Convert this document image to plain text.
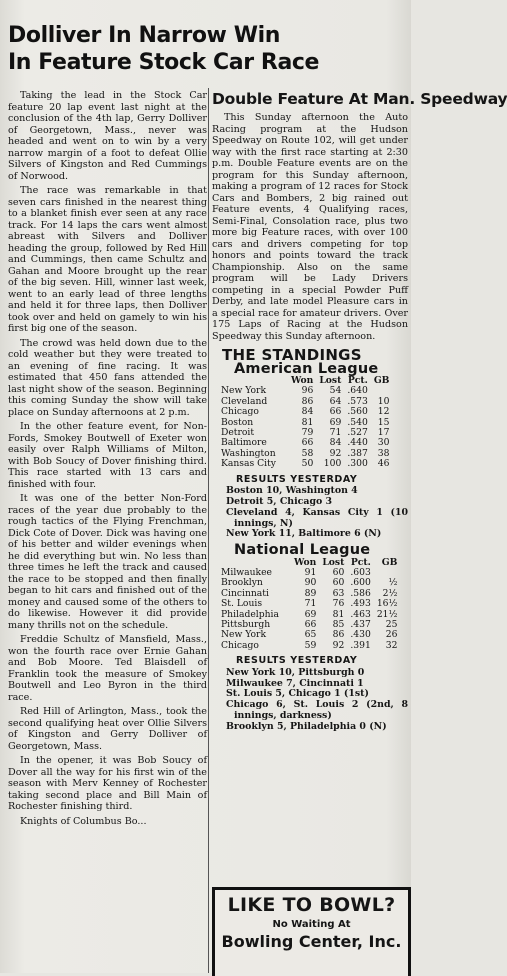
Dolliver In Narrow Win
In Feature Stock Car Race

Taking the lead in the Stock Car feature 20 lap event last night at the conclusion of the 4th lap, Gerry Dolliver of Georgetown, Mass., never was headed and went on to win by a very narrow margin of a foot to defeat Ollie Silvers of Kingston and Red Cummings of Norwood.

The race was remarkable in that seven cars finished in the nearest thing to a blanket finish ever seen at any race track. For 14 laps the cars went almost abreast with Silvers and Dolliver heading the group, followed by Red Hill and Cummings, then came Schultz and Gahan and Moore brought up the rear of the big seven. Hill, winner last week, went to an early lead of three lengths and held it for three laps, then Dolliver took over and held on gamely to win his first big one of the season.

The crowd was held down due to the cold weather but they were treated to an evening of fine racing. It was estimated that 450 fans attended the last night show of the season. Beginning this coming Sunday the show will take place on Sunday afternoons at 2 p.m.

In the other feature event, for Non-Fords, Smokey Boutwell of Exeter won easily over Ralph Williams of Milton, with Bob Soucy of Dover finishing third. This race started with 13 cars and finished with four.

It was one of the better Non-Ford races of the year due probably to the rough tactics of the Flying Frenchman, Dick Cote of Dover. Dick was having one of his better and wilder evenings when he did everything but win. No less than three times he left the track and caused the race to be stopped and then finally began to hit cars and finished out of the money and caused some of the others to do likewise. However it did provide many thrills not on the schedule.

Freddie Schultz of Mansfield, Mass., won the fourth race over Ernie Gahan and Bob Moore. Ted Blaisdell of Franklin took the measure of Smokey Boutwell and Leo Byron in the third race.

Red Hill of Arlington, Mass., took the second qualifying heat over Ollie Silvers of Kingston and Gerry Dolliver of Georgetown, Mass.

In the opener, it was Bob Soucy of Dover all the way for his first win of the season with Merv Kenney of Rochester taking second place and Bill Main of Rochester finishing third.

Knights of Columbus Bo...

Double Feature At Man. Speedway

This Sunday afternoon the Auto Racing program at the Hudson Speedway on Route 102, will get under way with the first race starting at 2:30 p.m. Double Feature events are on the program for this Sunday afternoon, making a program of 12 races for Stock Cars and Bombers, 2 big rained out Feature events, 4 Qualifying races, Semi-Final, Consolation race, plus two more big Feature races, with over 100 cars and drivers competing for top honors and points toward the track Championship. Also on the same program will be Lady Drivers competing in a special Powder Puff Derby, and late model Pleasure cars in a special race for amateur drivers. Over 175 Laps of Racing at the Hudson Speedway this Sunday afternoon.

THE STANDINGS
American League
	Won	Lost	Pct.	GB
New York	96	54	.640	
Cleveland	86	64	.573	10
Chicago	84	66	.560	12
Boston	81	69	.540	15
Detroit	79	71	.527	17
Baltimore	66	84	.440	30
Washington	58	92	.387	38
Kansas City	50	100	.300	46
RESULTS YESTERDAY
Boston 10, Washington 4
Detroit 5, Chicago 3
Cleveland 4, Kansas City 1 (10 innings, N)
New York 11, Baltimore 6 (N)
National League
	Won	Lost	Pct.	GB
Milwaukee	91	60	.603	
Brooklyn	90	60	.600	½
Cincinnati	89	63	.586	2½
St. Louis	71	76	.493	16½
Philadelphia	69	81	.463	21½
Pittsburgh	66	85	.437	25
New York	65	86	.430	26
Chicago	59	92	.391	32
RESULTS YESTERDAY
New York 10, Pittsburgh 0
Milwaukee 7, Cincinnati 1
St. Louis 5, Chicago 1 (1st)
Chicago 6, St. Louis 2 (2nd, 8 innings, darkness)
Brooklyn 5, Philadelphia 0 (N)
LIKE TO BOWL?
No Waiting At
Bowling Center, Inc.
